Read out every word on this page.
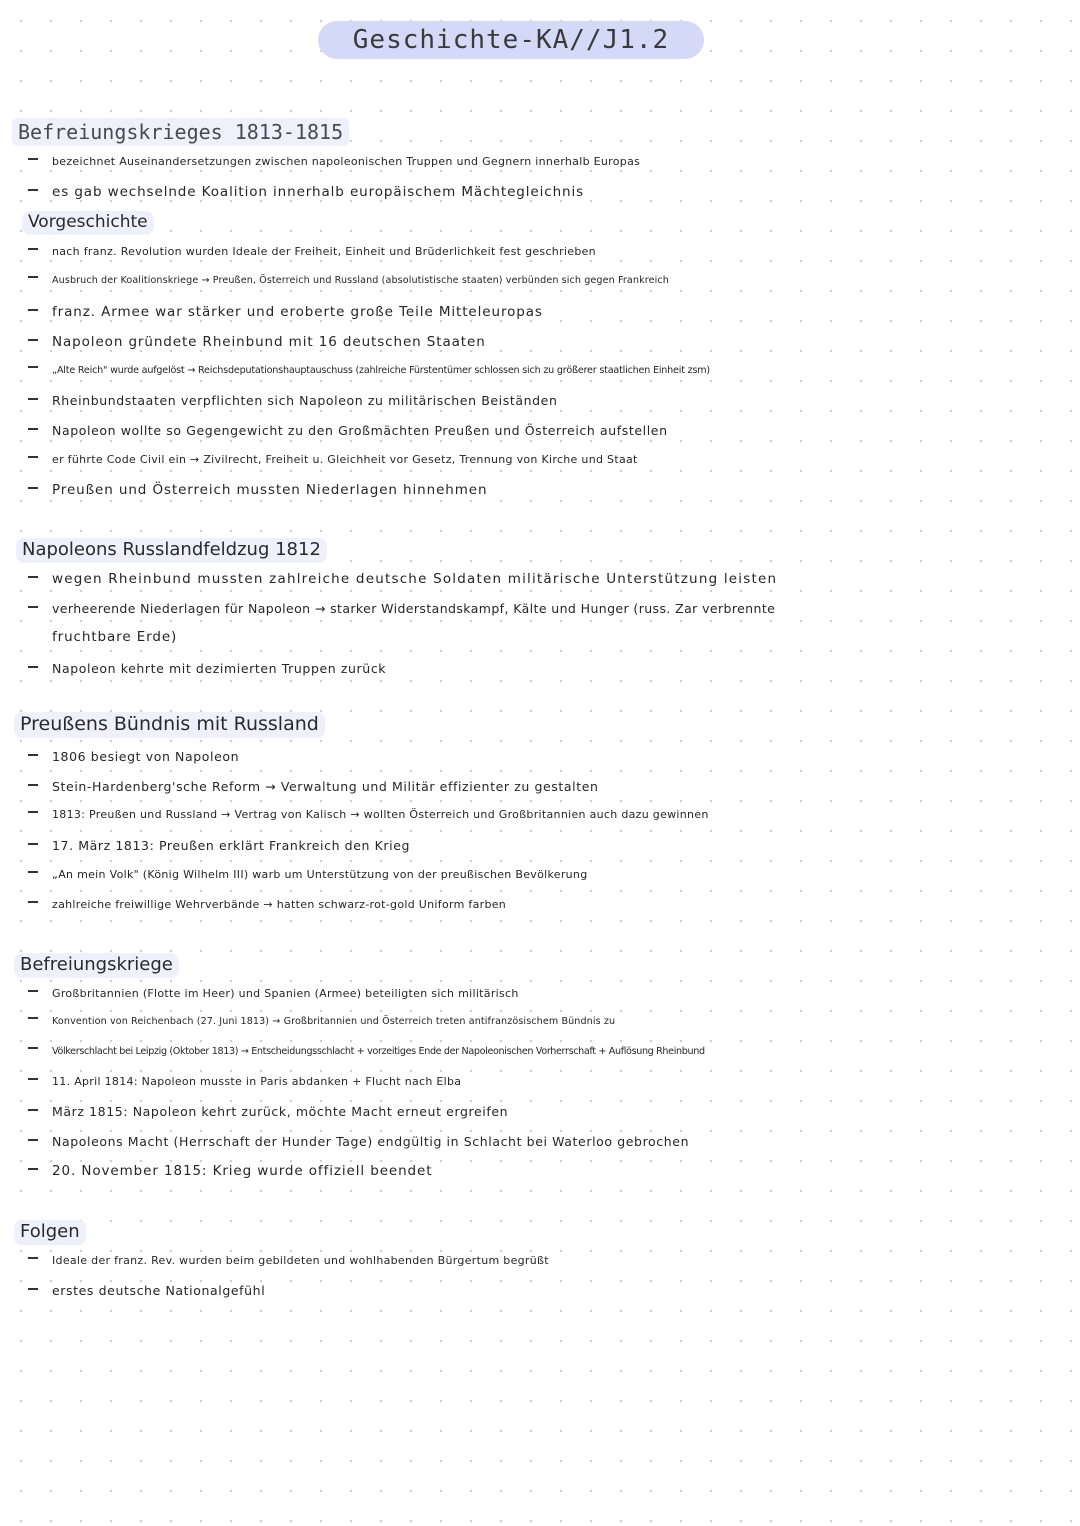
Geschichte-KA//J1.2
Befreiungskrieges 1813-1815
bezeichnet Auseinandersetzungen zwischen napoleonischen Truppen und Gegnern innerhalb Europas
es gab wechselnde Koalition innerhalb europäischem Mächtegleichnis
Vorgeschichte
nach franz. Revolution wurden Ideale der Freiheit, Einheit und Brüderlichkeit fest geschrieben
Ausbruch der Koalitionskriege → Preußen, Österreich und Russland (absolutistische staaten) verbünden sich gegen Frankreich
franz. Armee war stärker und eroberte große Teile Mitteleuropas
Napoleon gründete Rheinbund mit 16 deutschen Staaten
„Alte Reich" wurde aufgelöst → Reichsdeputationshauptauschuss (zahlreiche Fürstentümer schlossen sich zu größerer staatlichen Einheit zsm)
Rheinbundstaaten verpflichten sich Napoleon zu militärischen Beiständen
Napoleon wollte so Gegengewicht zu den Großmächten Preußen und Österreich aufstellen
er führte Code Civil ein → Zivilrecht, Freiheit u. Gleichheit vor Gesetz, Trennung von Kirche und Staat
Preußen und Österreich mussten Niederlagen hinnehmen
Napoleons Russlandfeldzug 1812
wegen Rheinbund mussten zahlreiche deutsche Soldaten militärische Unterstützung leisten
verheerende Niederlagen für Napoleon → starker Widerstandskampf, Kälte und Hunger (russ. Zar verbrennte
fruchtbare Erde)
Napoleon kehrte mit dezimierten Truppen zurück
Preußens Bündnis mit Russland
1806 besiegt von Napoleon
Stein-Hardenberg'sche Reform → Verwaltung und Militär effizienter zu gestalten
1813: Preußen und Russland → Vertrag von Kalisch → wollten Österreich und Großbritannien auch dazu gewinnen
17. März 1813: Preußen erklärt Frankreich den Krieg
„An mein Volk" (König Wilhelm III) warb um Unterstützung von der preußischen Bevölkerung
zahlreiche freiwillige Wehrverbände → hatten schwarz-rot-gold Uniform farben
Befreiungskriege
Großbritannien (Flotte im Heer) und Spanien (Armee) beteiligten sich militärisch
Konvention von Reichenbach (27. Juni 1813) → Großbritannien und Österreich treten antifranzösischem Bündnis zu
Völkerschlacht bei Leipzig (Oktober 1813) → Entscheidungsschlacht + vorzeitiges Ende der Napoleonischen Vorherrschaft + Auflösung Rheinbund
11. April 1814: Napoleon musste in Paris abdanken + Flucht nach Elba
März 1815: Napoleon kehrt zurück, möchte Macht erneut ergreifen
Napoleons Macht (Herrschaft der Hunder Tage) endgültig in Schlacht bei Waterloo gebrochen
20. November 1815: Krieg wurde offiziell beendet
Folgen
Ideale der franz. Rev. wurden beim gebildeten und wohlhabenden Bürgertum begrüßt
erstes deutsche Nationalgefühl
